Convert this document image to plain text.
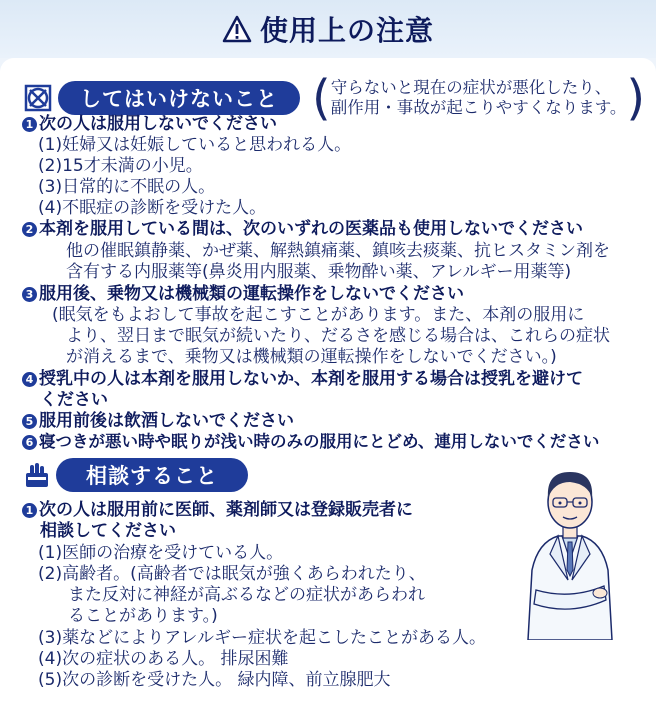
使用上の注意
してはいけないこと ( 守らないと現在の症状が悪化したり、
副作用・事故が起こりやすくなります。 )
1 次の人は服用しないでください
(1)妊婦又は妊娠していると思われる人。
(2)15才未満の小児。
(3)日常的に不眠の人。
(4)不眠症の診断を受けた人。
2 本剤を服用している間は、次のいずれの医薬品も使用しないでください
他の催眠鎮静薬、かぜ薬、解熱鎮痛薬、鎮咳去痰薬、抗ヒスタミン剤を
含有する内服薬等(鼻炎用内服薬、乗物酔い薬、アレルギー用薬等)
3 服用後、乗物又は機械類の運転操作をしないでください
(眠気をもよおして事故を起こすことがあります。また、本剤の服用に
より、翌日まで眠気が続いたり、だるさを感じる場合は、これらの症状
が消えるまで、乗物又は機械類の運転操作をしないでください。)
4 授乳中の人は本剤を服用しないか、本剤を服用する場合は授乳を避けて
ください
5 服用前後は飲酒しないでください
6 寝つきが悪い時や眠りが浅い時のみの服用にとどめ、連用しないでください
相談すること
1 次の人は服用前に医師、薬剤師又は登録販売者に
相談してください
(1)医師の治療を受けている人。
(2)高齢者。(高齢者では眠気が強くあらわれたり、
また反対に神経が高ぶるなどの症状があらわれ
ることがあります。)
(3)薬などによりアレルギー症状を起こしたことがある人。
(4)次の症状のある人。 排尿困難
(5)次の診断を受けた人。 緑内障、前立腺肥大
